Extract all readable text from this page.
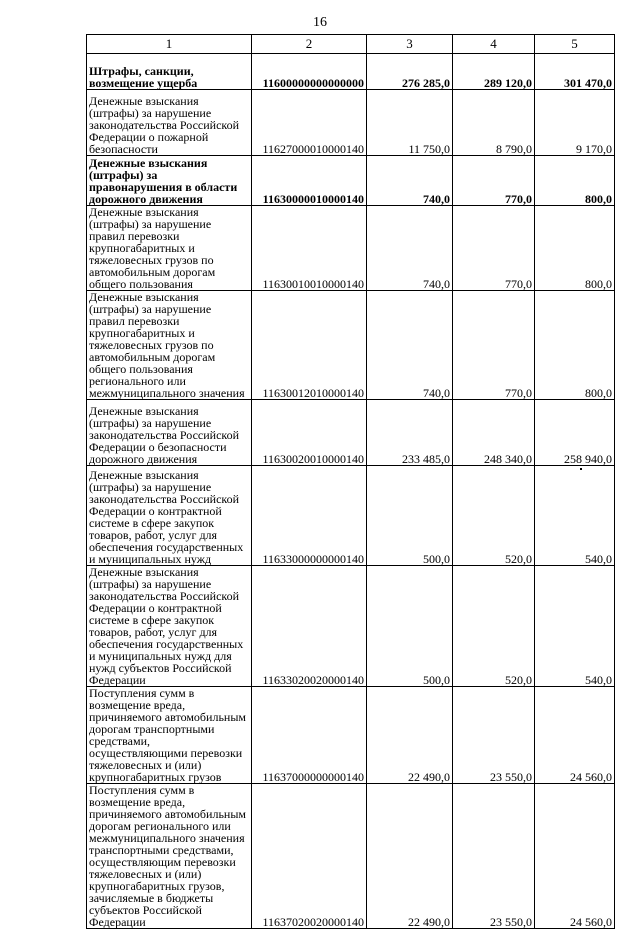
16
1	2	3	4	5
Штрафы, санкции, возмещение ущерба	11600000000000000	276 285,0	289 120,0	301 470,0
Денежные взыскания (штрафы) за нарушение законодательства Российской Федерации о пожарной безопасности	11627000010000140	11 750,0	8 790,0	9 170,0
Денежные взыскания (штрафы) за правонарушения в области дорожного движения	11630000010000140	740,0	770,0	800,0
Денежные взыскания (штрафы) за нарушение правил перевозки крупногабаритных и тяжеловесных грузов по автомобильным дорогам общего пользования	11630010010000140	740,0	770,0	800,0
Денежные взыскания (штрафы) за нарушение правил перевозки крупногабаритных и тяжеловесных грузов по автомобильным дорогам общего пользования регионального или межмуниципального значения	11630012010000140	740,0	770,0	800,0
Денежные взыскания (штрафы) за нарушение законодательства Российской Федерации о безопасности дорожного движения	11630020010000140	233 485,0	248 340,0	258 940,0
Денежные взыскания (штрафы) за нарушение законодательства Российской Федерации о контрактной системе в сфере закупок товаров, работ, услуг для обеспечения государственных и муниципальных нужд	11633000000000140	500,0	520,0	540,0
Денежные взыскания (штрафы) за нарушение законодательства Российской Федерации о контрактной системе в сфере закупок товаров, работ, услуг для обеспечения государственных и муниципальных нужд для нужд субъектов Российской Федерации	11633020020000140	500,0	520,0	540,0
Поступления сумм в возмещение вреда, причиняемого автомобильным дорогам транспортными средствами, осуществляющими перевозки тяжеловесных и (или) крупногабаритных грузов	11637000000000140	22 490,0	23 550,0	24 560,0
Поступления сумм в возмещение вреда, причиняемого автомобильным дорогам регионального или межмуниципального значения транспортными средствами, осуществляющим перевозки тяжеловесных и (или) крупногабаритных грузов, зачисляемые в бюджеты субъектов Российской Федерации	11637020020000140	22 490,0	23 550,0	24 560,0
